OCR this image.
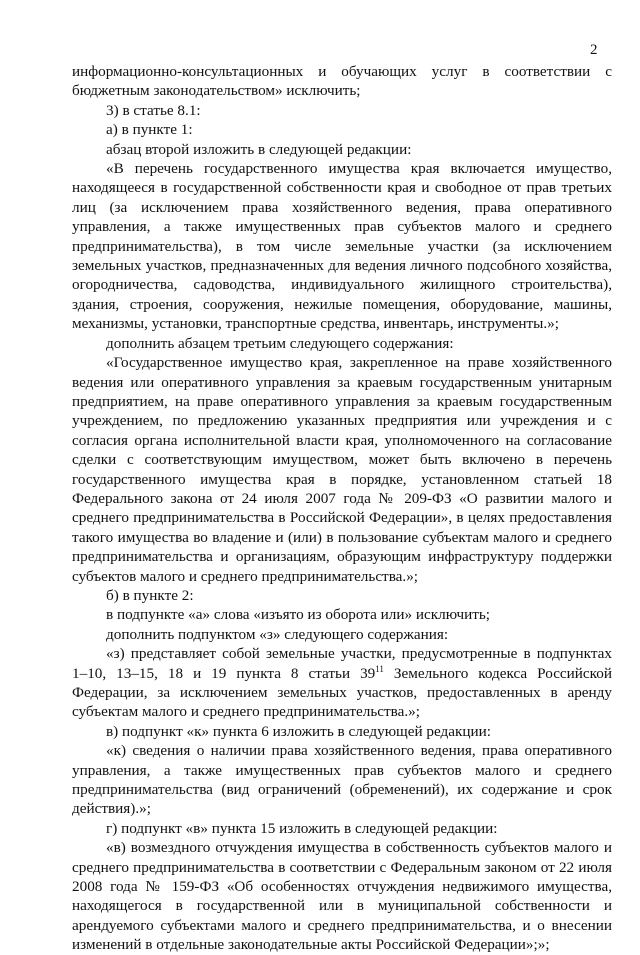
2

информационно-консультационных и обучающих услуг в соответствии с бюджетным законодательством» исключить;

3) в статье 8.1:

а) в пункте 1:

абзац второй изложить в следующей редакции:

«В перечень государственного имущества края включается имущество, находящееся в государственной собственности края и свободное от прав третьих лиц (за исключением права хозяйственного ведения, права оперативного управления, а также имущественных прав субъектов малого и среднего предпринимательства), в том числе земельные участки (за исключением земельных участков, предназначенных для ведения личного подсобного хозяйства, огородничества, садоводства, индивидуального жилищного строительства), здания, строения, сооружения, нежилые помещения, оборудование, машины, механизмы, установки, транспортные средства, инвентарь, инструменты.»;

дополнить абзацем третьим следующего содержания:

«Государственное имущество края, закрепленное на праве хозяйственного ведения или оперативного управления за краевым государственным унитарным предприятием, на праве оперативного управления за краевым государственным учреждением, по предложению указанных предприятия или учреждения и с согласия органа исполнительной власти края, уполномоченного на согласование сделки с соответствующим имуществом, может быть включено в перечень государственного имущества края в порядке, установленном статьей 18 Федерального закона от 24 июля 2007 года № 209-ФЗ «О развитии малого и среднего предпринимательства в Российской Федерации», в целях предоставления такого имущества во владение и (или) в пользование субъектам малого и среднего предпринимательства и организациям, образующим инфраструктуру поддержки субъектов малого и среднего предпринимательства.»;

б) в пункте 2:

в подпункте «а» слова «изъято из оборота или» исключить;

дополнить подпунктом «з» следующего содержания:

«з) представляет собой земельные участки, предусмотренные в подпунктах 1–10, 13–15, 18 и 19 пункта 8 статьи $39^{11}$ Земельного кодекса Российской Федерации, за исключением земельных участков, предоставленных в аренду субъектам малого и среднего предпринимательства.»;

в) подпункт «к» пункта 6 изложить в следующей редакции:

«к) сведения о наличии права хозяйственного ведения, права оперативного управления, а также имущественных прав субъектов малого и среднего предпринимательства (вид ограничений (обременений), их содержание и срок действия).»;

г) подпункт «в» пункта 15 изложить в следующей редакции:

«в) возмездного отчуждения имущества в собственность субъектов малого и среднего предпринимательства в соответствии с Федеральным законом от 22 июля 2008 года № 159-ФЗ «Об особенностях отчуждения недвижимого имущества, находящегося в государственной или в муниципальной собственности и арендуемого субъектами малого и среднего предпринимательства, и о внесении изменений в отдельные законодательные акты Российской Федерации»;»;
